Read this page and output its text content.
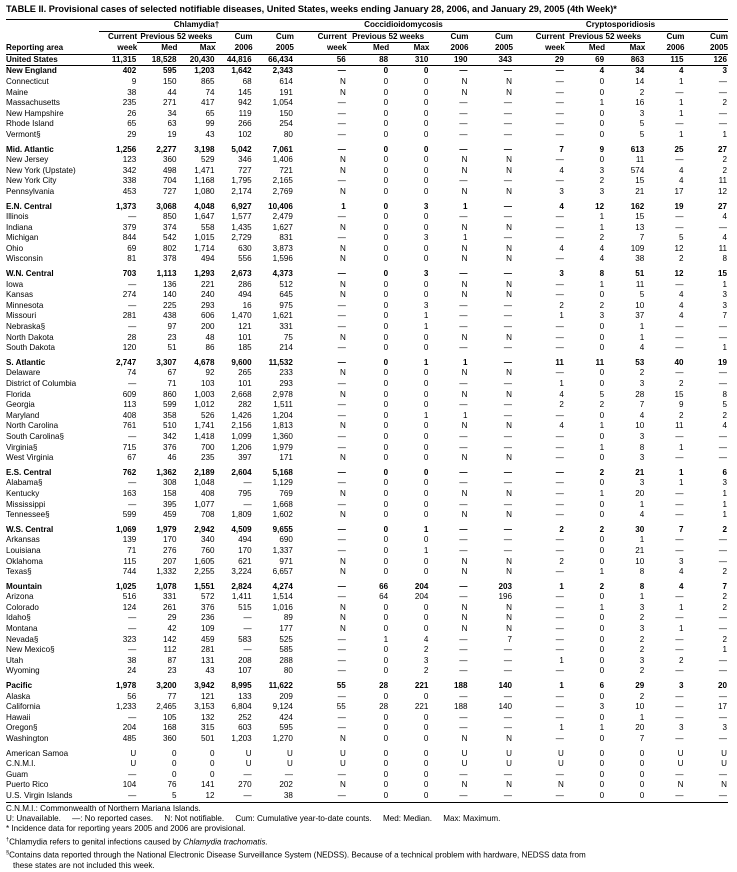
TABLE II. Provisional cases of selected notifiable diseases, United States, weeks ending January 28, 2006, and January 29, 2005 (4th Week)*
	Chlamydia†					Coccidioidomycosis					Cryptosporidiosis				
	Current	Previous 52 weeks		Cum	Cum	Current	Previous 52 weeks		Cum	Cum	Current	Previous 52 weeks		Cum	Cum
Reporting area	week	Med	Max	2006	2005	week	Med	Max	2006	2005	week	Med	Max	2006	2005
United States	11,315	18,528	20,430	44,816	66,434	56	88	310	190	343	29	69	863	115	126
New England	402	595	1,203	1,642	2,343	—	0	0	—	—	—	4	34	4	3
Connecticut	9	150	865	68	614	N	0	0	N	N	—	0	14	1	—
Maine	38	44	74	145	191	N	0	0	N	N	—	0	2	—	—
Massachusetts	235	271	417	942	1,054	—	0	0	—	—	—	1	16	1	2
New Hampshire	26	34	65	119	150	—	0	0	—	—	—	0	3	1	—
Rhode Island	65	63	99	266	254	—	0	0	—	—	—	0	5	—	—
Vermont§	29	19	43	102	80	—	0	0	—	—	—	0	5	1	1

Mid. Atlantic	1,256	2,277	3,198	5,042	7,061	—	0	0	—	—	7	9	613	25	27
New Jersey	123	360	529	346	1,406	N	0	0	N	N	—	0	11	—	2
New York (Upstate)	342	498	1,471	727	721	N	0	0	N	N	4	3	574	4	2
New York City	338	704	1,168	1,795	2,165	—	0	0	—	—	—	2	15	4	11
Pennsylvania	453	727	1,080	2,174	2,769	N	0	0	N	N	3	3	21	17	12

E.N. Central	1,373	3,068	4,048	6,927	10,406	1	0	3	1	—	4	12	162	19	27
Illinois	—	850	1,647	1,577	2,479	—	0	0	—	—	—	1	15	—	4
Indiana	379	374	558	1,435	1,627	N	0	0	N	N	—	1	13	—	—
Michigan	844	542	1,015	2,729	831	—	0	3	1	—	—	2	7	5	4
Ohio	69	802	1,714	630	3,873	N	0	0	N	N	4	4	109	12	11
Wisconsin	81	378	494	556	1,596	N	0	0	N	N	—	4	38	2	8

W.N. Central	703	1,113	1,293	2,673	4,373	—	0	3	—	—	3	8	51	12	15
Iowa	—	136	221	286	512	N	0	0	N	N	—	1	11	—	1
Kansas	274	140	240	494	645	N	0	0	N	N	—	0	5	4	3
Minnesota	—	225	293	16	975	—	0	3	—	—	2	2	10	4	3
Missouri	281	438	606	1,470	1,621	—	0	1	—	—	1	3	37	4	7
Nebraska§	—	97	200	121	331	—	0	1	—	—	—	0	1	—	—
North Dakota	28	23	48	101	75	N	0	0	N	N	—	0	1	—	—
South Dakota	120	51	86	185	214	—	0	0	—	—	—	0	4	—	1

S. Atlantic	2,747	3,307	4,678	9,600	11,532	—	0	1	1	—	11	11	53	40	19
Delaware	74	67	92	265	233	N	0	0	N	N	—	0	2	—	—
District of Columbia	—	71	103	101	293	—	0	0	—	—	1	0	3	2	—
Florida	609	860	1,003	2,668	2,978	N	0	0	N	N	4	5	28	15	8
Georgia	113	599	1,012	282	1,511	—	0	0	—	—	2	2	7	9	5
Maryland	408	358	526	1,426	1,204	—	0	1	1	—	—	0	4	2	2
North Carolina	761	510	1,741	2,156	1,813	N	0	0	N	N	4	1	10	11	4
South Carolina§	—	342	1,418	1,099	1,360	—	0	0	—	—	—	0	3	—	—
Virginia§	715	376	700	1,206	1,979	—	0	0	—	—	—	1	8	1	—
West Virginia	67	46	235	397	171	N	0	0	N	N	—	0	3	—	—

E.S. Central	762	1,362	2,189	2,604	5,168	—	0	0	—	—	—	2	21	1	6
Alabama§	—	308	1,048	—	1,129	—	0	0	—	—	—	0	3	1	3
Kentucky	163	158	408	795	769	N	0	0	N	N	—	1	20	—	1
Mississippi	—	395	1,077	—	1,668	—	0	0	—	—	—	0	1	—	1
Tennessee§	599	459	708	1,809	1,602	N	0	0	N	N	—	0	4	—	1

W.S. Central	1,069	1,979	2,942	4,509	9,655	—	0	1	—	—	2	2	30	7	2
Arkansas	139	170	340	494	690	—	0	0	—	—	—	0	1	—	—
Louisiana	71	276	760	170	1,337	—	0	1	—	—	—	0	21	—	—
Oklahoma	115	207	1,605	621	971	N	0	0	N	N	2	0	10	3	—
Texas§	744	1,332	2,255	3,224	6,657	N	0	0	N	N	—	1	8	4	2

Mountain	1,025	1,078	1,551	2,824	4,274	—	66	204	—	203	1	2	8	4	7
Arizona	516	331	572	1,411	1,514	—	64	204	—	196	—	0	1	—	2
Colorado	124	261	376	515	1,016	N	0	0	N	N	—	1	3	1	2
Idaho§	—	29	236	—	89	N	0	0	N	N	—	0	2	—	—
Montana	—	42	109	—	177	N	0	0	N	N	—	0	3	1	—
Nevada§	323	142	459	583	525	—	1	4	—	7	—	0	2	—	2
New Mexico§	—	112	281	—	585	—	0	2	—	—	—	0	2	—	1
Utah	38	87	131	208	288	—	0	3	—	—	1	0	3	2	—
Wyoming	24	23	43	107	80	—	0	2	—	—	—	0	2	—	—

Pacific	1,978	3,200	3,942	8,995	11,622	55	28	221	188	140	1	6	29	3	20
Alaska	56	77	121	133	209	—	0	0	—	—	—	0	2	—	—
California	1,233	2,465	3,153	6,804	9,124	55	28	221	188	140	—	3	10	—	17
Hawaii	—	105	132	252	424	—	0	0	—	—	—	0	1	—	—
Oregon§	204	168	315	603	595	—	0	0	—	—	1	1	20	3	3
Washington	485	360	501	1,203	1,270	N	0	0	N	N	—	0	7	—	—

American Samoa	U	0	0	U	U	U	0	0	U	U	U	0	0	U	U
C.N.M.I.	U	0	0	U	U	U	0	0	U	U	U	0	0	U	U
Guam	—	0	0	—	—	—	0	0	—	—	—	0	0	—	—
Puerto Rico	104	76	141	270	202	N	0	0	N	N	N	0	0	N	N
U.S. Virgin Islands	—	5	12	—	38	—	0	0	—	—	—	0	0	—	—
C.N.M.I.: Commonwealth of Northern Mariana Islands.
U: Unavailable.     —: No reported cases.     N: Not notifiable.     Cum: Cumulative year-to-date counts.     Med: Median.     Max: Maximum.
* Incidence data for reporting years 2005 and 2006 are provisional.
†Chlamydia refers to genital infections caused by Chlamydia trachomatis.
§Contains data reported through the National Electronic Disease Surveillance System (NEDSS). Because of a technical problem with hardware, NEDSS data from
these states are not included this week.
